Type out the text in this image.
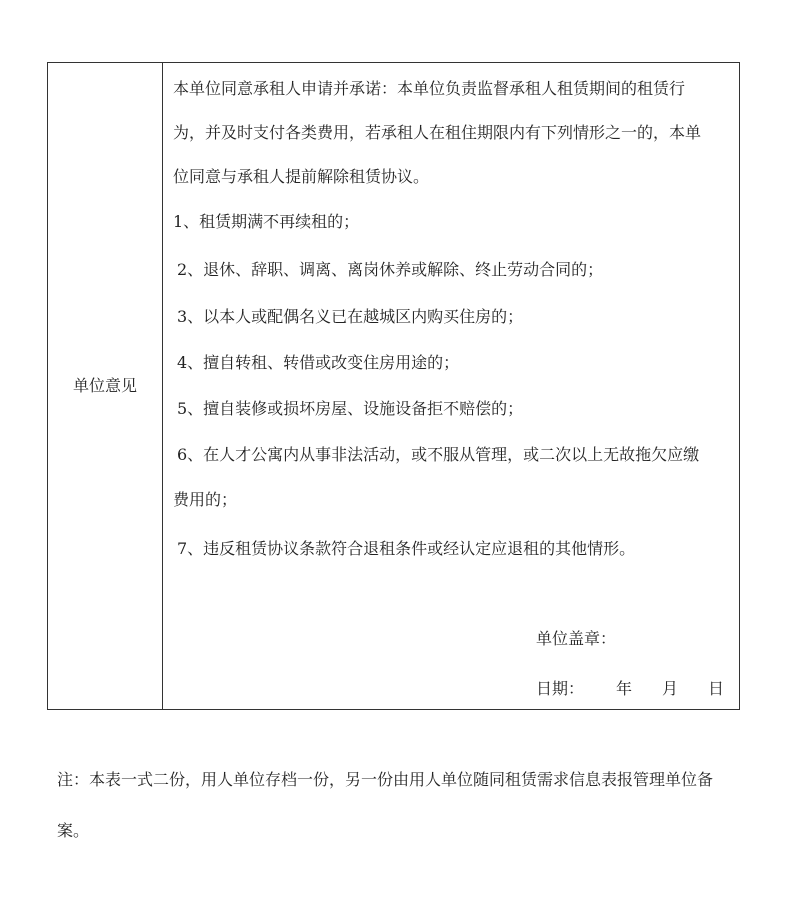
单位意见
本单位同意承租人申请并承诺：本单位负责监督承租人租赁期间的租赁行
为，并及时支付各类费用，若承租人在租住期限内有下列情形之一的，本单
位同意与承租人提前解除租赁协议。
1、租赁期满不再续租的；
2、退休、辞职、调离、离岗休养或解除、终止劳动合同的；
3、以本人或配偶名义已在越城区内购买住房的；
4、擅自转租、转借或改变住房用途的；
5、擅自装修或损坏房屋、设施设备拒不赔偿的；
6、在人才公寓内从事非法活动，或不服从管理，或二次以上无故拖欠应缴
费用的；
7、违反租赁协议条款符合退租条件或经认定应退租的其他情形。
单位盖章：
日期： 年 月 日
注：本表一式二份，用人单位存档一份，另一份由用人单位随同租赁需求信息表报管理单位备
案。
